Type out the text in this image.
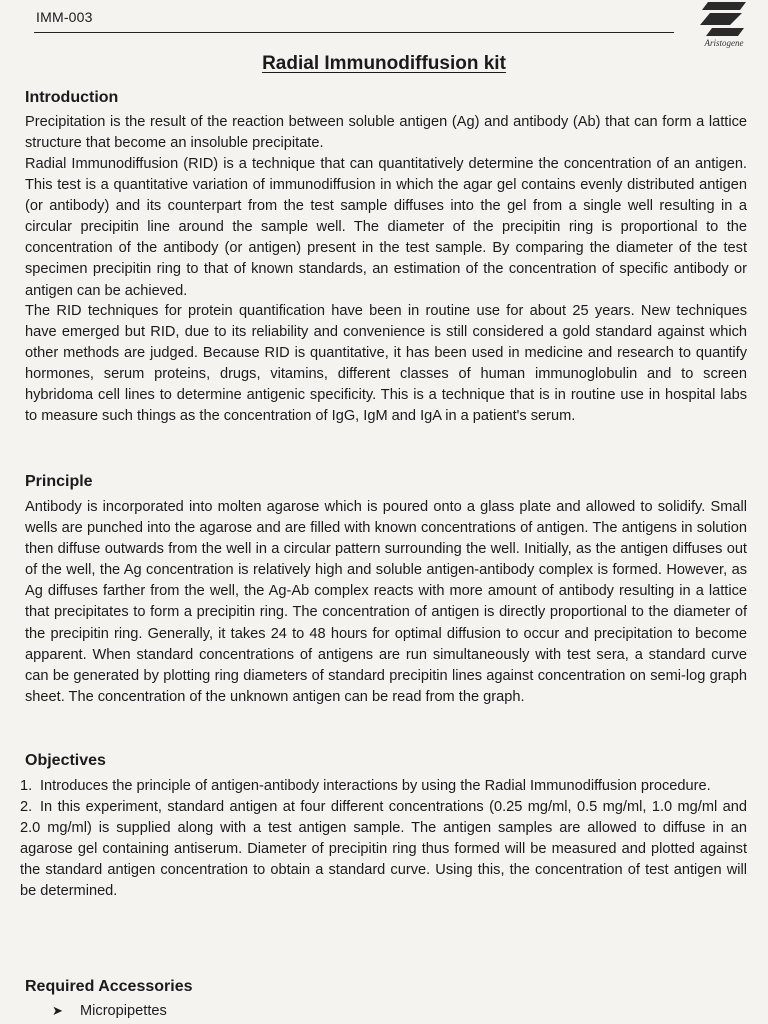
IMM-003
Aristogene
Radial Immunodiffusion kit
Introduction

Precipitation is the result of the reaction between soluble antigen (Ag) and antibody (Ab) that can form a lattice structure that become an insoluble precipitate.

Radial Immunodiffusion (RID) is a technique that can quantitatively determine the concentration of an antigen. This test is a quantitative variation of immunodiffusion in which the agar gel contains evenly distributed antigen (or antibody) and its counterpart from the test sample diffuses into the gel from a single well resulting in a circular precipitin line around the sample well. The diameter of the precipitin ring is proportional to the concentration of the antibody (or antigen) present in the test sample. By comparing the diameter of the test specimen precipitin ring to that of known standards, an estimation of the concentration of specific antibody or antigen can be achieved.

The RID techniques for protein quantification have been in routine use for about 25 years. New techniques have emerged but RID, due to its reliability and convenience is still considered a gold standard against which other methods are judged. Because RID is quantitative, it has been used in medicine and research to quantify hormones, serum proteins, drugs, vitamins, different classes of human immunoglobulin and to screen hybridoma cell lines to determine antigenic specificity. This is a technique that is in routine use in hospital labs to measure such things as the concentration of IgG, IgM and IgA in a patient's serum.

Principle

Antibody is incorporated into molten agarose which is poured onto a glass plate and allowed to solidify. Small wells are punched into the agarose and are filled with known concentrations of antigen. The antigens in solution then diffuse outwards from the well in a circular pattern surrounding the well. Initially, as the antigen diffuses out of the well, the Ag concentration is relatively high and soluble antigen-antibody complex is formed. However, as Ag diffuses farther from the well, the Ag-Ab complex reacts with more amount of antibody resulting in a lattice that precipitates to form a precipitin ring. The concentration of antigen is directly proportional to the diameter of the precipitin ring. Generally, it takes 24 to 48 hours for optimal diffusion to occur and precipitation to become apparent. When standard concentrations of antigens are run simultaneously with test sera, a standard curve can be generated by plotting ring diameters of standard precipitin lines against concentration on semi-log graph sheet. The concentration of the unknown antigen can be read from the graph.

Objectives
1. Introduces the principle of antigen-antibody interactions by using the Radial Immunodiffusion procedure.
2. In this experiment, standard antigen at four different concentrations (0.25 mg/ml, 0.5 mg/ml, 1.0 mg/ml and 2.0 mg/ml) is supplied along with a test antigen sample. The antigen samples are allowed to diffuse in an agarose gel containing antiserum. Diameter of precipitin ring thus formed will be measured and plotted against the standard antigen concentration to obtain a standard curve. Using this, the concentration of test antigen will be determined.
Required Accessories
➤ Micropipettes
